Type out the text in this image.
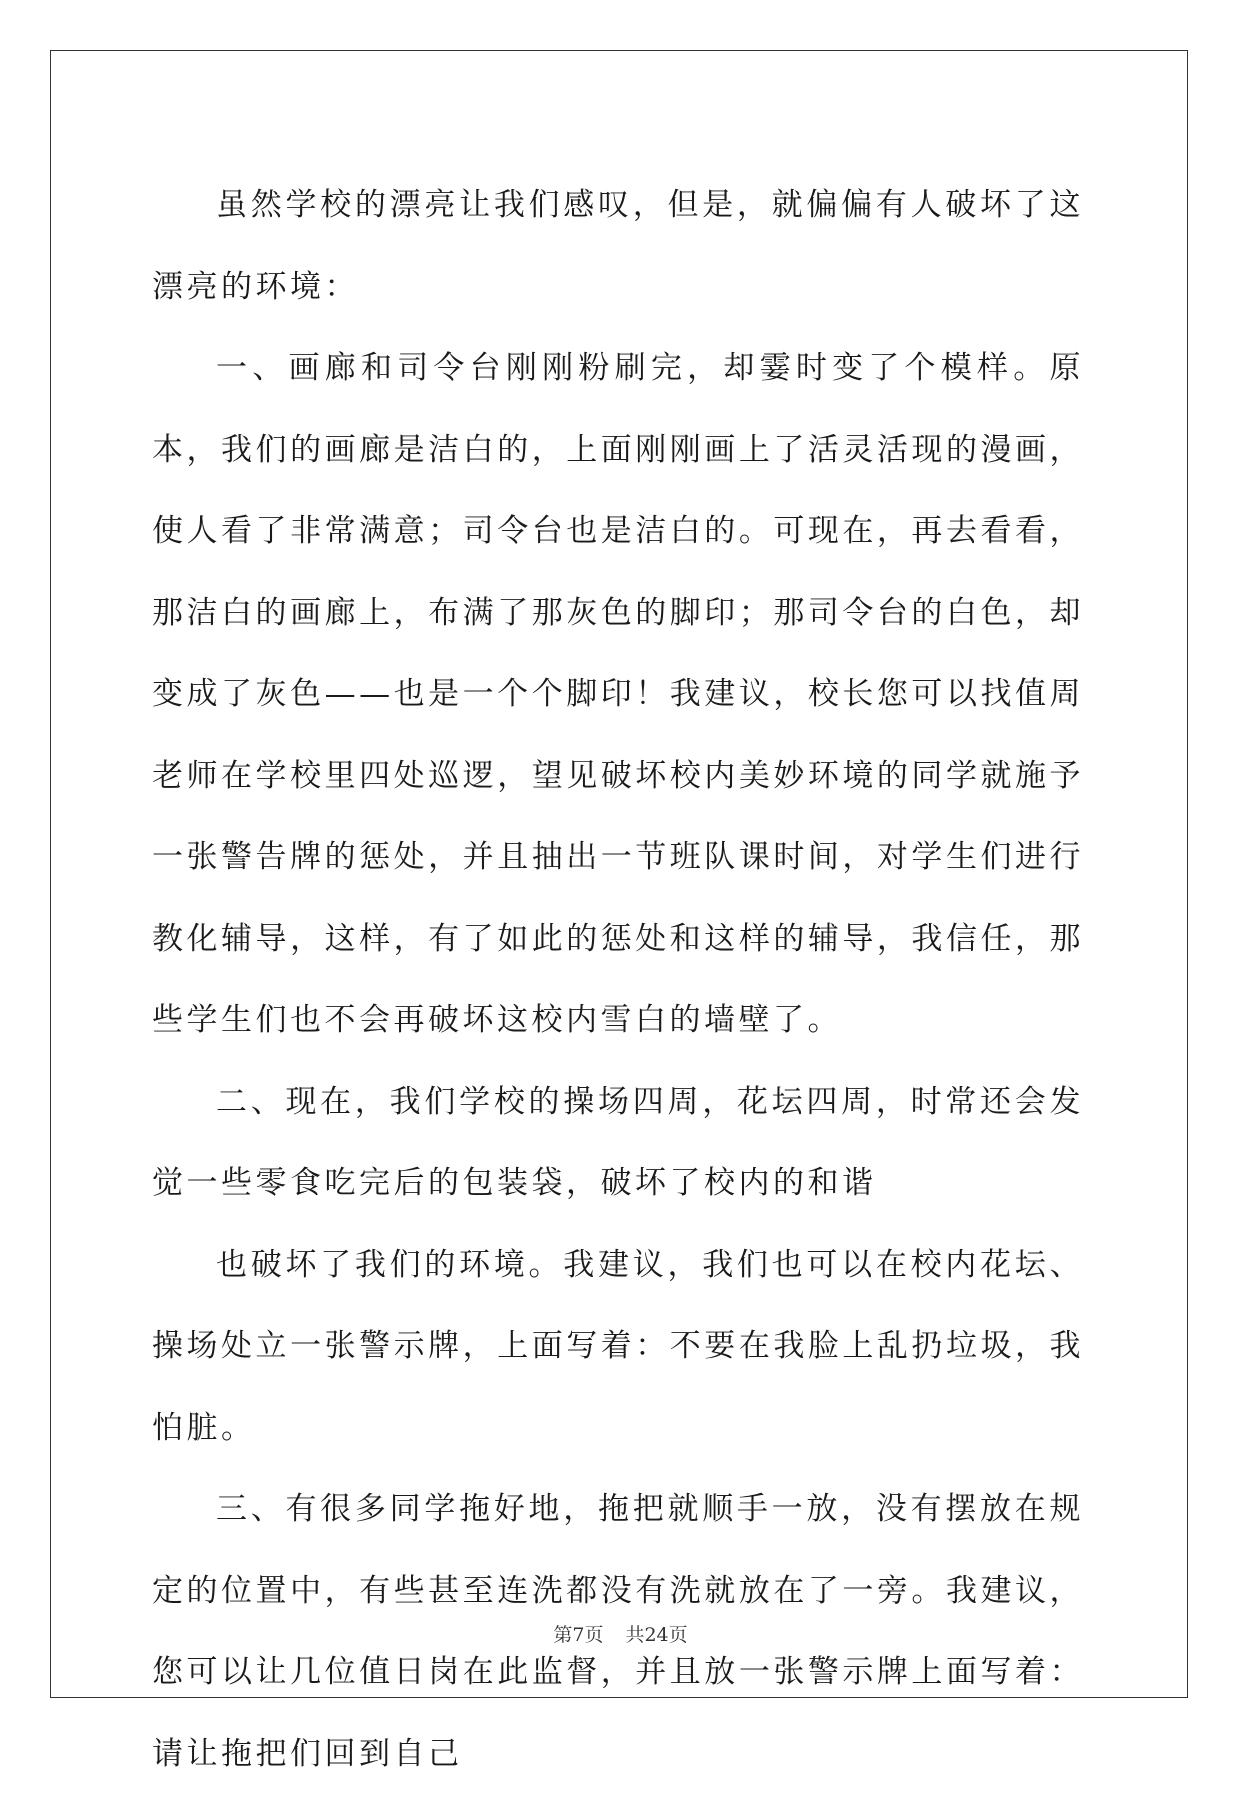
虽然学校的漂亮让我们感叹，但是，就偏偏有人破坏了这漂亮的环境：

一、画廊和司令台刚刚粉刷完，却霎时变了个模样。原本，我们的画廊是洁白的，上面刚刚画上了活灵活现的漫画，使人看了非常满意；司令台也是洁白的。可现在，再去看看，那洁白的画廊上，布满了那灰色的脚印；那司令台的白色，却变成了灰色——也是一个个脚印！我建议，校长您可以找值周老师在学校里四处巡逻，望见破坏校内美妙环境的同学就施予一张警告牌的惩处，并且抽出一节班队课时间，对学生们进行教化辅导，这样，有了如此的惩处和这样的辅导，我信任，那些学生们也不会再破坏这校内雪白的墙壁了。

二、现在，我们学校的操场四周，花坛四周，时常还会发觉一些零食吃完后的包装袋，破坏了校内的和谐

也破坏了我们的环境。我建议，我们也可以在校内花坛、操场处立一张警示牌，上面写着：不要在我脸上乱扔垃圾，我怕脏。

三、有很多同学拖好地，拖把就顺手一放，没有摆放在规定的位置中，有些甚至连洗都没有洗就放在了一旁。我建议，您可以让几位值日岗在此监督，并且放一张警示牌上面写着：请让拖把们回到自己

第7页 共24页
